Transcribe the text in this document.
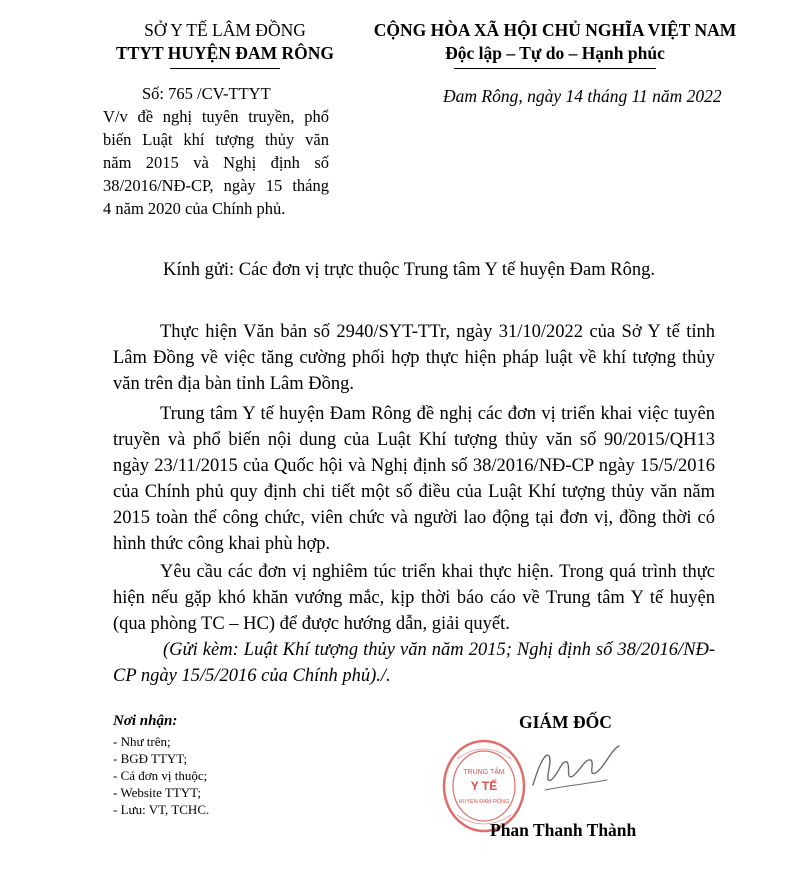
SỞ Y TẾ LÂM ĐỒNG
TTYT HUYỆN ĐAM RÔNG
Số: 765 /CV-TTYT
V/v đề nghị tuyên truyền, phổ
biến Luật khí tượng thủy văn
năm 2015 và Nghị định số
38/2016/NĐ-CP, ngày 15 tháng
4 năm 2020 của Chính phủ.
CỘNG HÒA XÃ HỘI CHỦ NGHĨA VIỆT NAM
Độc lập – Tự do – Hạnh phúc
Đam Rông, ngày 14 tháng 11 năm 2022
Kính gửi: Các đơn vị trực thuộc Trung tâm Y tế huyện Đam Rông.
Thực hiện Văn bản số 2940/SYT-TTr, ngày 31/10/2022 của Sở Y tế tỉnh
Lâm Đồng về việc tăng cường phối hợp thực hiện pháp luật về khí tượng thủy
văn trên địa bàn tỉnh Lâm Đồng.
Trung tâm Y tế huyện Đam Rông đề nghị các đơn vị triển khai việc tuyên
truyền và phổ biến nội dung của Luật Khí tượng thủy văn số 90/2015/QH13
ngày 23/11/2015 của Quốc hội và Nghị định số 38/2016/NĐ-CP ngày 15/5/2016
của Chính phủ quy định chi tiết một số điều của Luật Khí tượng thủy văn năm
2015 toàn thể công chức, viên chức và người lao động tại đơn vị, đồng thời có
hình thức công khai phù hợp.
Yêu cầu các đơn vị nghiêm túc triển khai thực hiện. Trong quá trình thực
hiện nếu gặp khó khăn vướng mắc, kịp thời báo cáo về Trung tâm Y tế huyện
(qua phòng TC – HC) để được hướng dẫn, giải quyết.
(Gửi kèm: Luật Khí tượng thủy văn năm 2015; Nghị định số 38/2016/NĐ-
CP ngày 15/5/2016 của Chính phủ)./.
Nơi nhận:
- Như trên;
- BGĐ TTYT;
- Cá đơn vị thuộc;
- Website TTYT;
- Lưu: VT, TCHC.
GIÁM ĐỐC
TRUNG TÂM
Y TẾ
HUYỆN ĐAM RÔNG
Phan Thanh Thành
